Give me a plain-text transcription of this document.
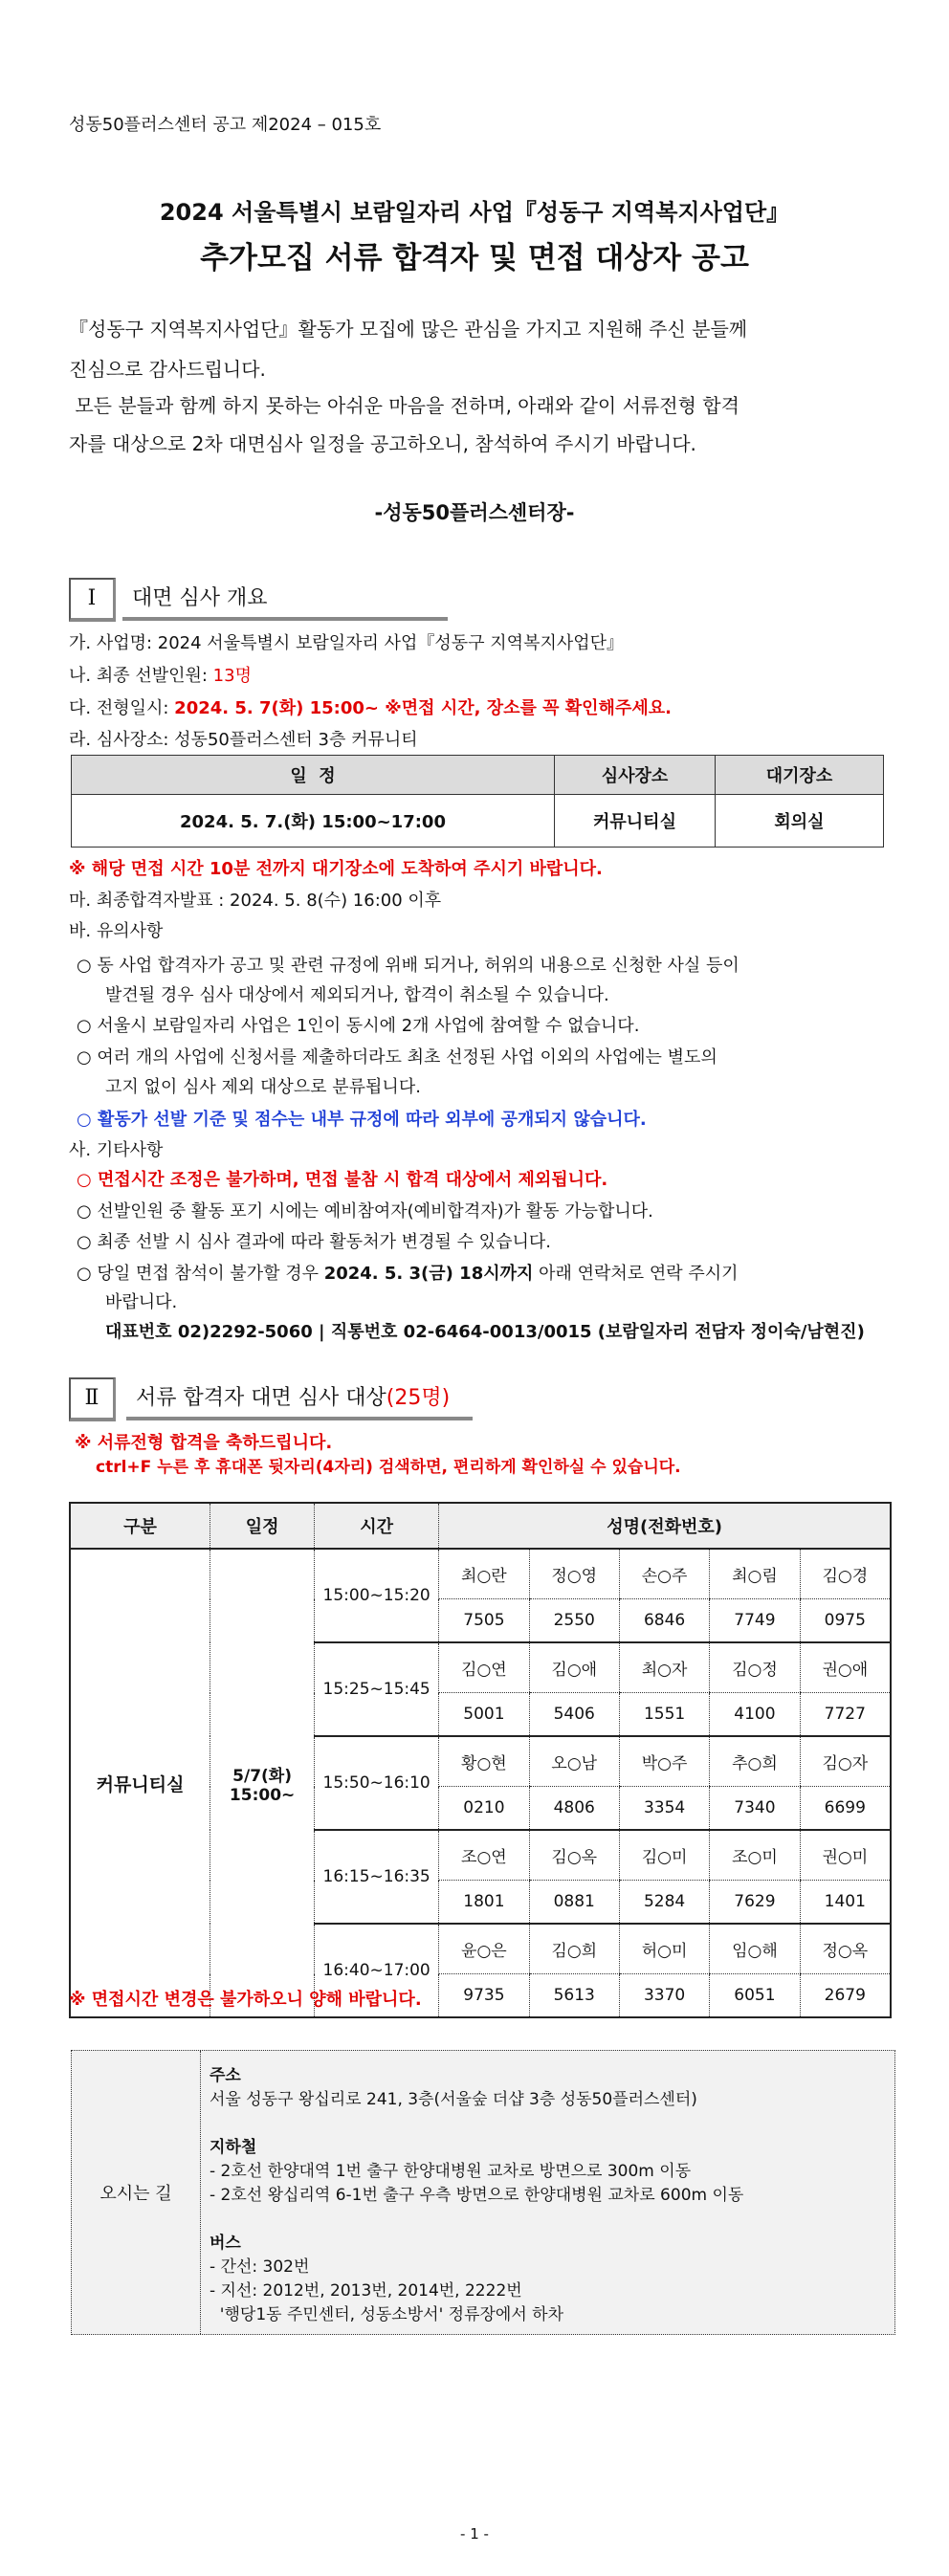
성동50플러스센터 공고 제2024 – 015호
2024 서울특별시 보람일자리 사업『성동구 지역복지사업단』
추가모집 서류 합격자 및 면접 대상자 공고
『성동구 지역복지사업단』활동가 모집에 많은 관심을 가지고 지원해 주신 분들께
진심으로 감사드립니다.
모든 분들과 함께 하지 못하는 아쉬운 마음을 전하며, 아래와 같이 서류전형 합격
자를 대상으로 2차 대면심사 일정을 공고하오니, 참석하여 주시기 바랍니다.
-성동50플러스센터장-
Ⅰ	대면 심사 개요
가. 사업명: 2024 서울특별시 보람일자리 사업『성동구 지역복지사업단』
나. 최종 선발인원: 13명
다. 전형일시: 2024. 5. 7(화) 15:00~ ※면접 시간, 장소를 꼭 확인해주세요.
라. 심사장소: 성동50플러스센터 3층 커뮤니티
일  정	심사장소	대기장소
2024. 5. 7.(화) 15:00~17:00	커뮤니티실	회의실
※ 해당 면접 시간 10분 전까지 대기장소에 도착하여 주시기 바랍니다.
마. 최종합격자발표 : 2024. 5. 8(수) 16:00 이후
바. 유의사항
○ 동 사업 합격자가 공고 및 관련 규정에 위배 되거나, 허위의 내용으로 신청한 사실 등이
발견될 경우 심사 대상에서 제외되거나, 합격이 취소될 수 있습니다.
○ 서울시 보람일자리 사업은 1인이 동시에 2개 사업에 참여할 수 없습니다.
○ 여러 개의 사업에 신청서를 제출하더라도 최초 선정된 사업 이외의 사업에는 별도의
고지 없이 심사 제외 대상으로 분류됩니다.
○ 활동가 선발 기준 및 점수는 내부 규정에 따라 외부에 공개되지 않습니다.
사. 기타사항
○ 면접시간 조정은 불가하며, 면접 불참 시 합격 대상에서 제외됩니다.
○ 선발인원 중 활동 포기 시에는 예비참여자(예비합격자)가 활동 가능합니다.
○ 최종 선발 시 심사 결과에 따라 활동처가 변경될 수 있습니다.
○ 당일 면접 참석이 불가할 경우 2024. 5. 3(금) 18시까지 아래 연락처로 연락 주시기
바랍니다.
대표번호 02)2292-5060 | 직통번호 02-6464-0013/0015 (보람일자리 전담자 정이숙/남현진)
Ⅱ	서류 합격자 대면 심사 대상(25명)
※ 서류전형 합격을 축하드립니다.
ctrl+F 누른 후 휴대폰 뒷자리(4자리) 검색하면, 편리하게 확인하실 수 있습니다.
구분	일정	시간	성명(전화번호)				
커뮤니티실	5/7(화)
15:00~	15:00~15:20	최○란	정○영	손○주	최○림	김○경
			7505	2550	6846	7749	0975
		15:25~15:45	김○연	김○애	최○자	김○정	권○애
			5001	5406	1551	4100	7727
		15:50~16:10	황○현	오○남	박○주	추○희	김○자
			0210	4806	3354	7340	6699
		16:15~16:35	조○연	김○옥	김○미	조○미	권○미
			1801	0881	5284	7629	1401
		16:40~17:00	윤○은	김○희	허○미	임○해	정○옥
			9735	5613	3370	6051	2679
※ 면접시간 변경은 불가하오니 양해 바랍니다.
오시는 길
주소
서울 성동구 왕십리로 241, 3층(서울숲 더샵 3층 성동50플러스센터)
지하철
- 2호선 한양대역 1번 출구 한양대병원 교차로 방면으로 300m 이동
- 2호선 왕십리역 6-1번 출구 우측 방면으로 한양대병원 교차로 600m 이동
버스
- 간선: 302번
- 지선: 2012번, 2013번, 2014번, 2222번
'행당1동 주민센터, 성동소방서' 정류장에서 하차
- 1 -
